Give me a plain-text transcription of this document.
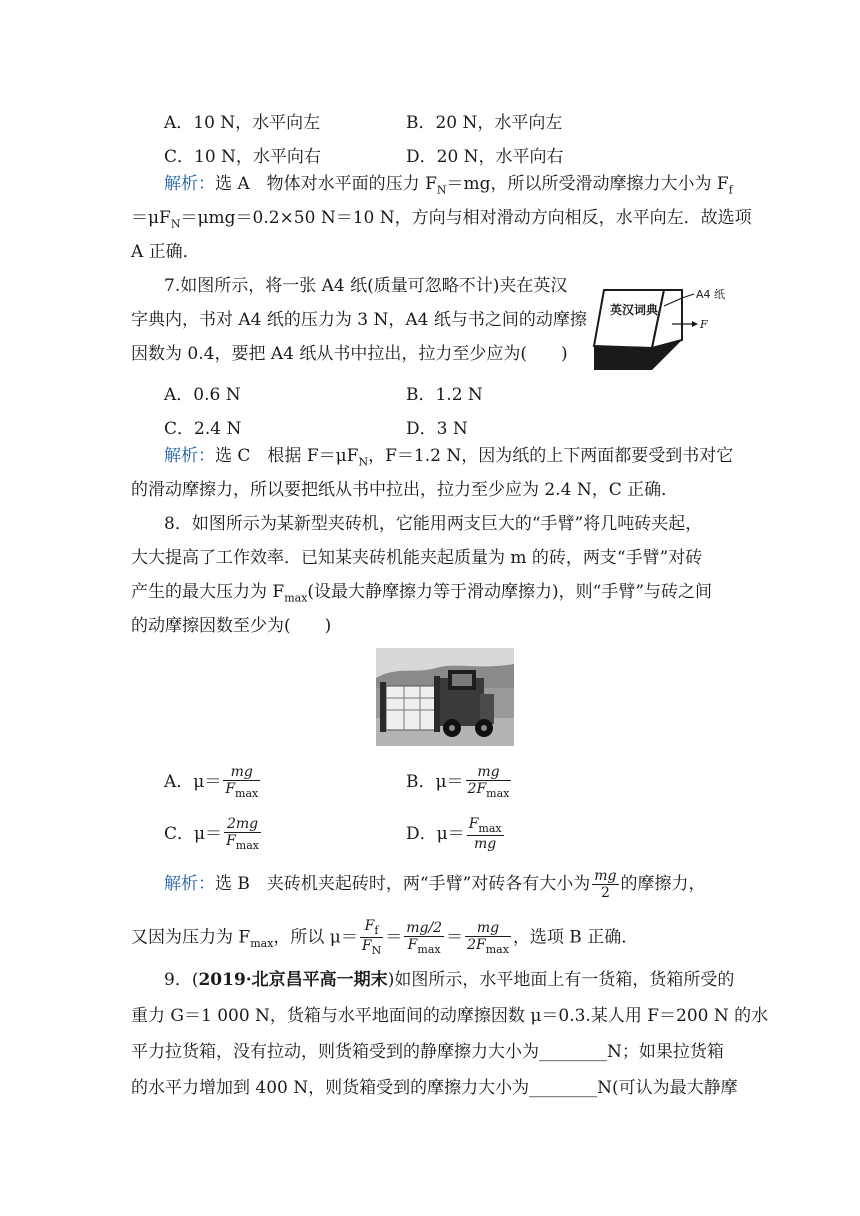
A．10 N，水平向左	B．20 N，水平向左
C．10 N，水平向右	D．20 N，水平向右
解析：选 A　物体对水平面的压力 $F_N=mg$，所以所受滑动摩擦力大小为 $F_f$
$=\mu F_N=\mu mg=0.2\times 50$ N＝10 N，方向与相对滑动方向相反，水平向左．故选项
A 正确．
7.如图所示，将一张 A4 纸(质量可忽略不计)夹在英汉
字典内，书对 A4 纸的压力为 3 N，A4 纸与书之间的动摩擦
因数为 0.4，要把 A4 纸从书中拉出，拉力至少应为(　　)
英汉词典
A4 纸
F
A．0.6 N	B．1.2 N
C．2.4 N	D．3 N
解析：选 C　根据 $F=\mu F_N$，F＝1.2 N，因为纸的上下两面都要受到书对它
的滑动摩擦力，所以要把纸从书中拉出，拉力至少应为 2.4 N，C 正确．
8．如图所示为某新型夹砖机，它能用两支巨大的“手臂”将几吨砖夹起，
大大提高了工作效率．已知某夹砖机能夹起质量为 m 的砖，两支“手臂”对砖
产生的最大压力为 $F_{max}$(设最大静摩擦力等于滑动摩擦力)，则“手臂”与砖之间
的动摩擦因数至少为(　　)
A．$\mu= \frac{mg}{F_{max}}$	B．$\mu= \frac{mg}{2F_{max}}$
C．$\mu= \frac{2mg}{F_{max}}$	D．$\mu= \frac{F_{max}}{mg}$
解析：选 B　夹砖机夹起砖时，两“手臂”对砖各有大小为 $\frac{mg}{2}$ 的摩擦力，
又因为压力为 $F_{max}$，所以 $\mu= \frac{F_f}{F_N} = \frac{mg/2}{F_{max}} = \frac{mg}{2F_{max}}$ ，选项 B 正确．
9．(2019·北京昌平高一期末)如图所示，水平地面上有一货箱，货箱所受的
重力 G＝1 000 N，货箱与水平地面间的动摩擦因数 μ＝0.3.某人用 F＝200 N 的水
平力拉货箱，没有拉动，则货箱受到的静摩擦力大小为________N；如果拉货箱
的水平力增加到 400 N，则货箱受到的摩擦力大小为________N(可认为最大静摩
